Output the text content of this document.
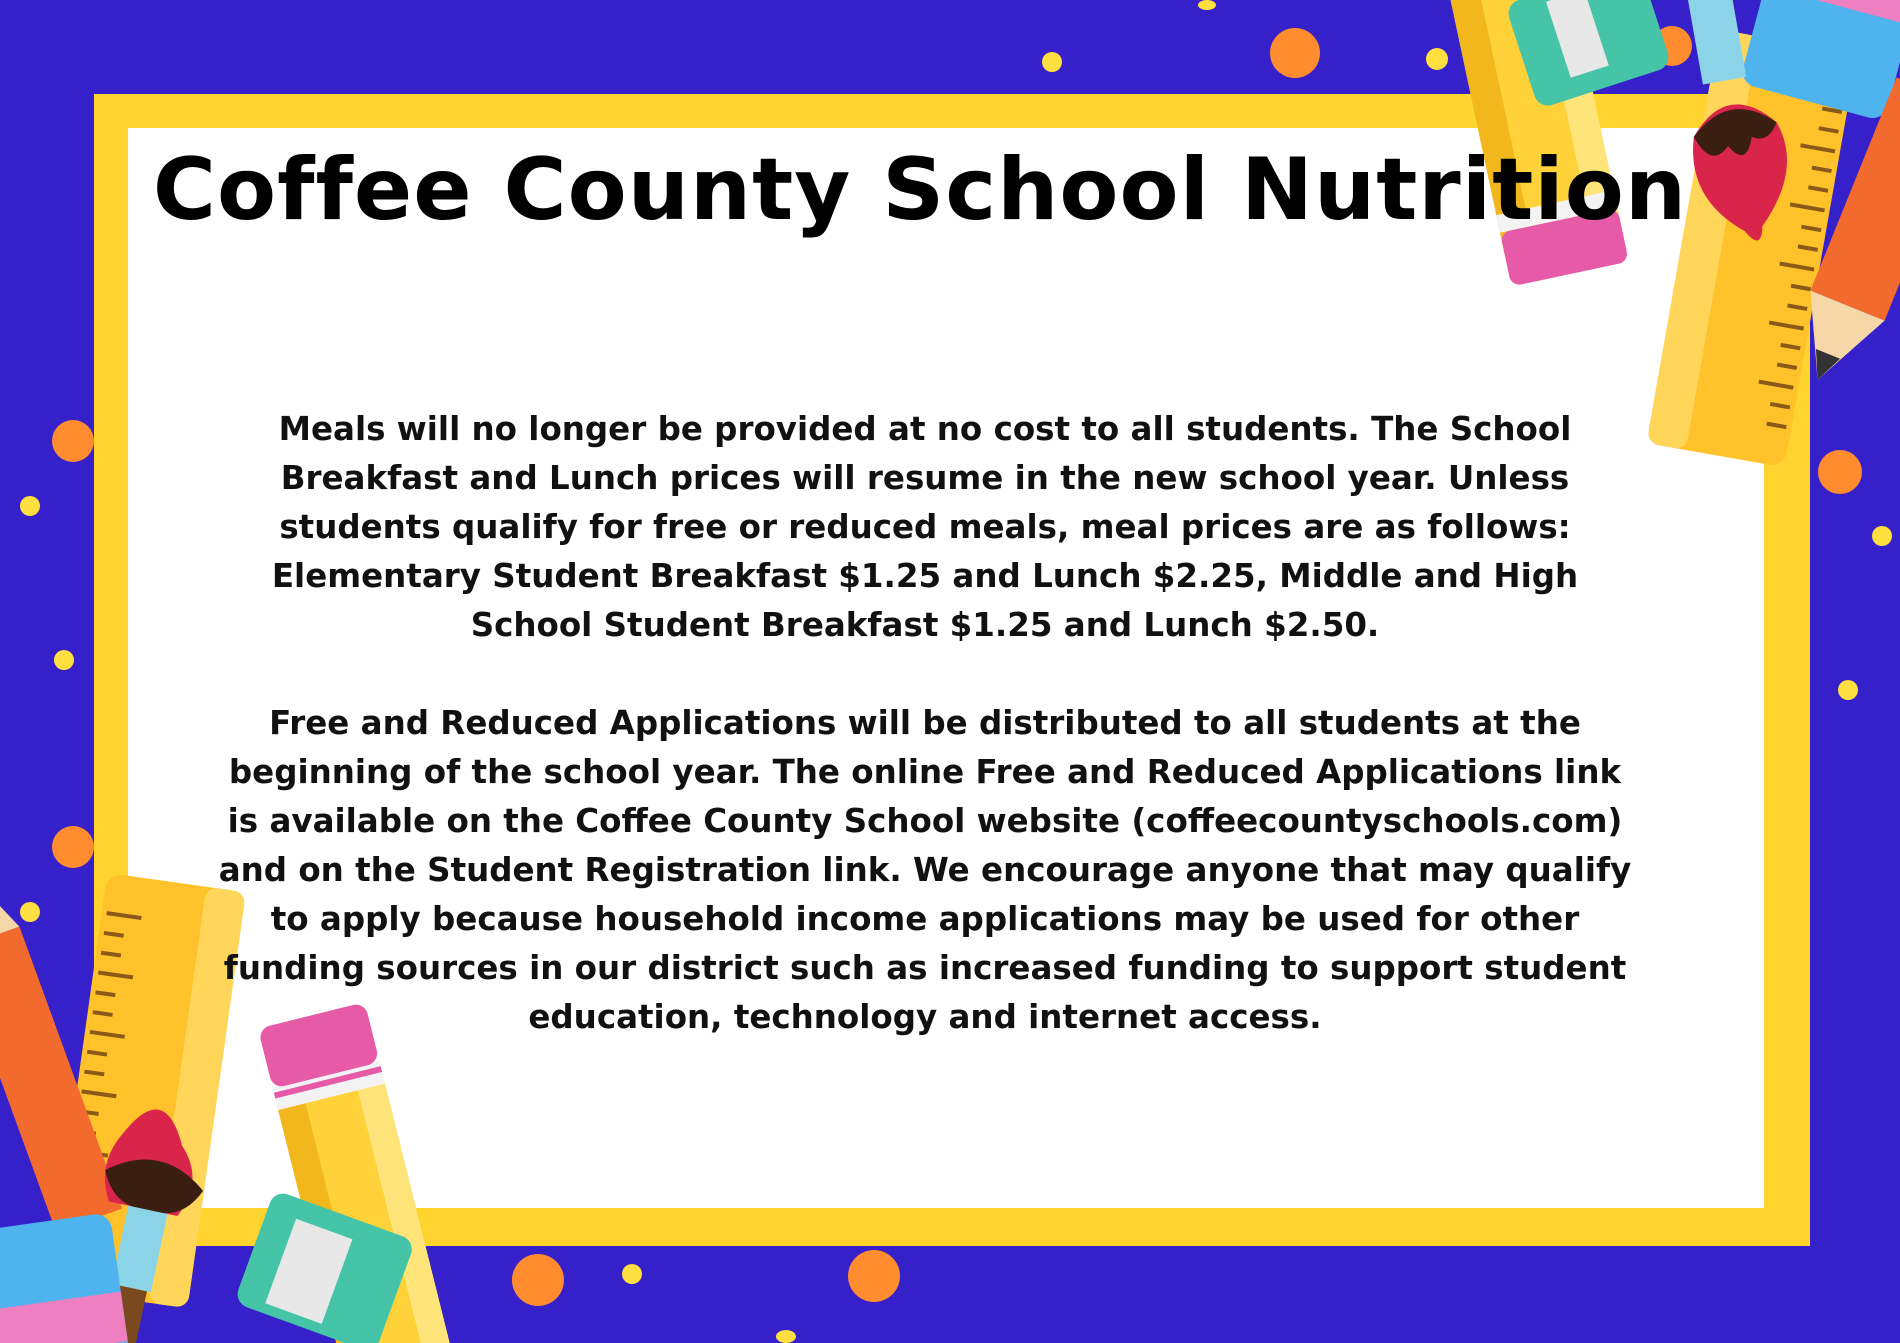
Coffee County School Nutrition

Meals will no longer be provided at no cost to all students. The School Breakfast and Lunch prices will resume in the new school year. Unless students qualify for free or reduced meals, meal prices are as follows: Elementary Student Breakfast $1.25 and Lunch $2.25, Middle and High School Student Breakfast $1.25 and Lunch $2.50.

Free and Reduced Applications will be distributed to all students at the beginning of the school year. The online Free and Reduced Applications link is available on the Coffee County School website (coffeecountyschools.com) and on the Student Registration link. We encourage anyone that may qualify to apply because household income applications may be used for other funding sources in our district such as increased funding to support student education, technology and internet access.
